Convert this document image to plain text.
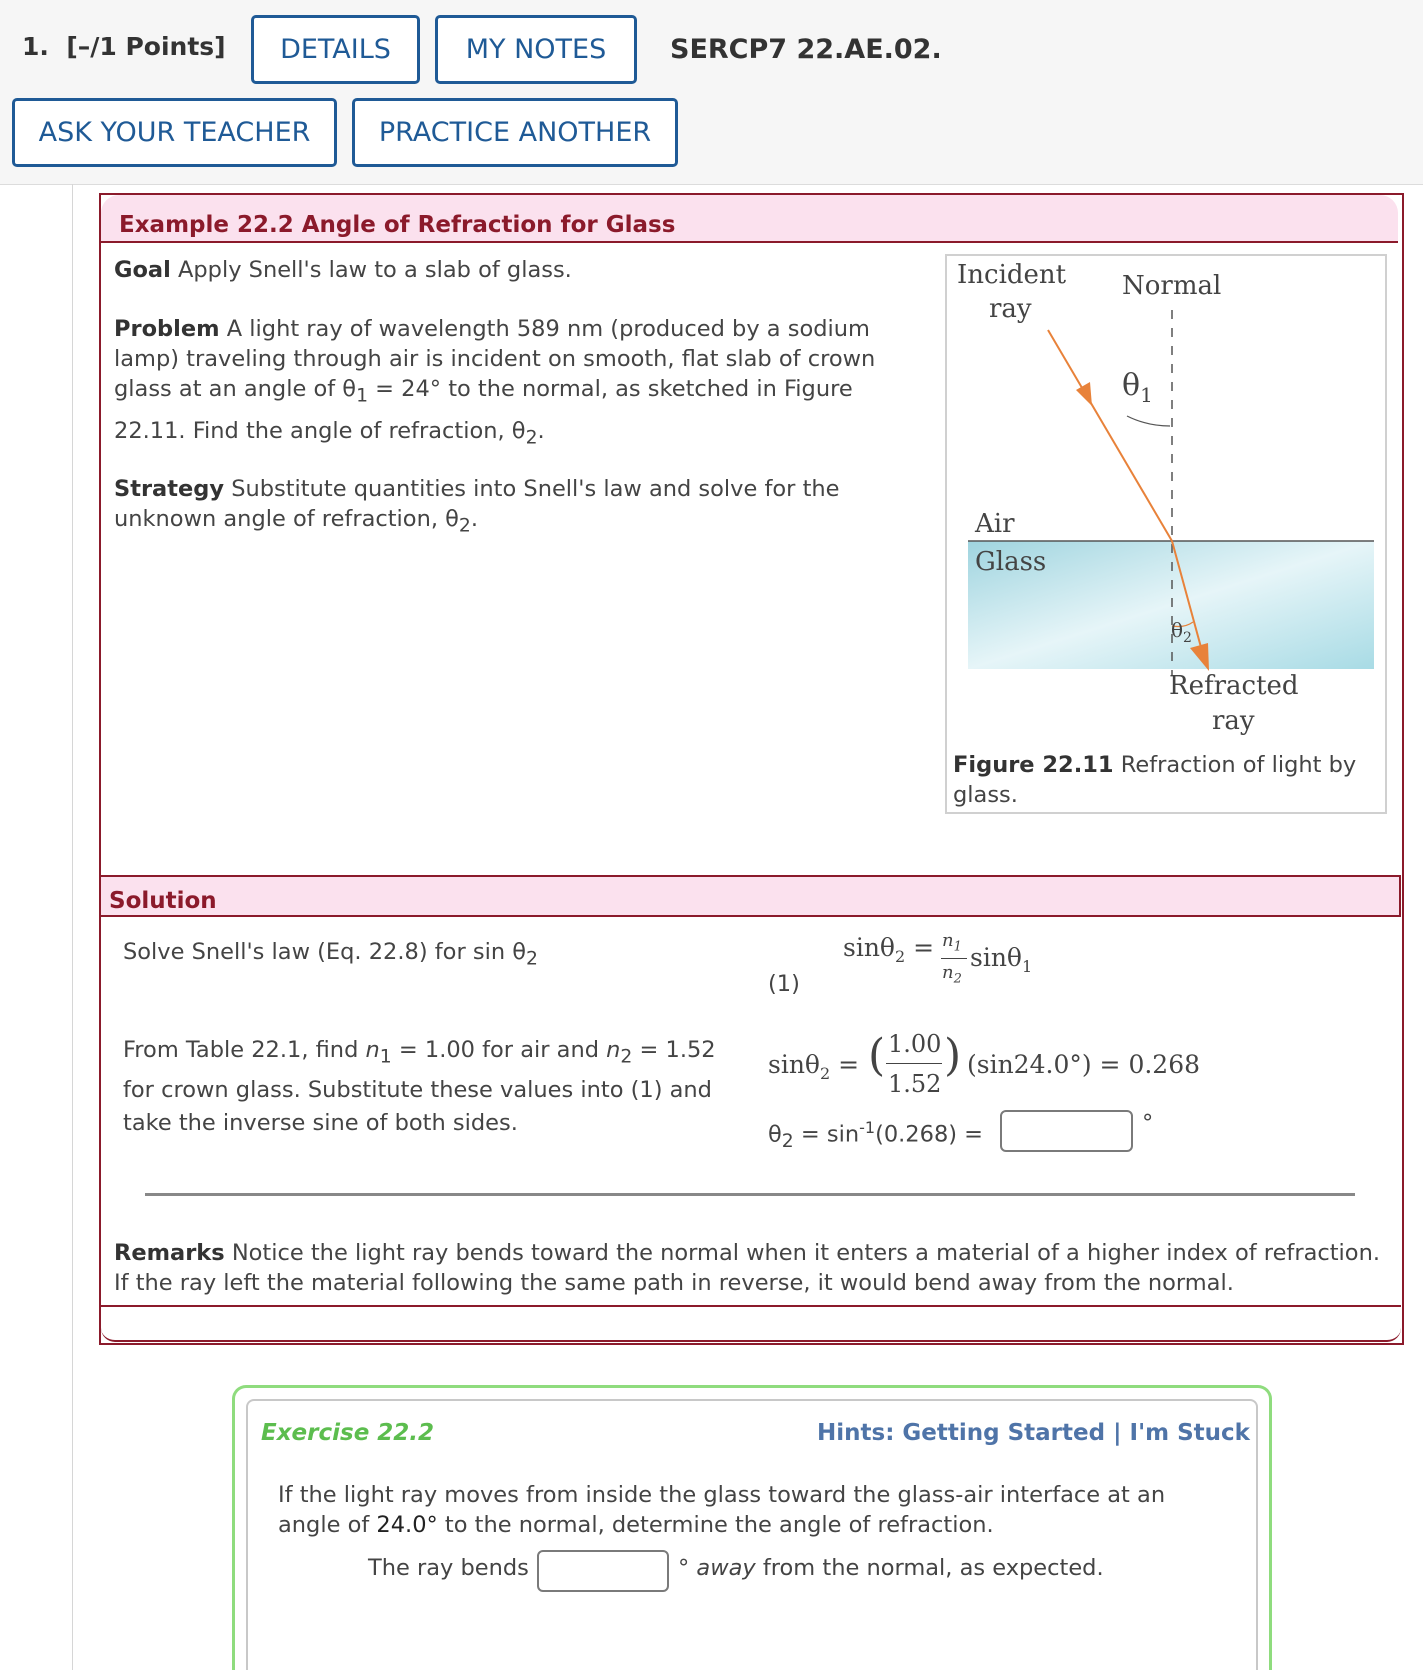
1. [–/1 Points]	DETAILS	MY NOTES	SERCP7 22.AE.02.
ASK YOUR TEACHER	PRACTICE ANOTHER
Example 22.2 Angle of Refraction for Glass
Goal Apply Snell's law to a slab of glass.
Problem A light ray of wavelength 589 nm (produced by a sodium
lamp) traveling through air is incident on smooth, flat slab of crown
glass at an angle of $\theta_1 = 24^\circ$ to the normal, as sketched in Figure
22.11. Find the angle of refraction, $\theta_2$.
Strategy Substitute quantities into Snell's law and solve for the
unknown angle of refraction, $\theta_2$.
Incident
ray
Normal
$\theta_1$
Air
Glass
$\theta_2$
Refracted
ray
Figure 22.11 Refraction of light by
glass.
Solution
Solve Snell's law (Eq. 22.8) for $\sin \theta_2$
(1)
$\sin\theta_2 = n_1$
$n_2$
sinθ$_1$
From Table 22.1, find $n_1 = 1.00$ for air and $n_2 = 1.52$
for crown glass. Substitute these values into (1) and
take the inverse sine of both sides.
sinθ$_2$ = ( 1.00
1.52
) (sin24.0°) = 0.268
$\theta_2 = \sin^{-1}(0.268)$ =	°
Remarks Notice the light ray bends toward the normal when it enters a material of a higher index of refraction.
If the ray left the material following the same path in reverse, it would bend away from the normal.
Exercise 22.2	Hints: Getting Started | I'm Stuck
If the light ray moves from inside the glass toward the glass-air interface at an
angle of 24.0° to the normal, determine the angle of refraction.
The ray bends	° away from the normal, as expected.
